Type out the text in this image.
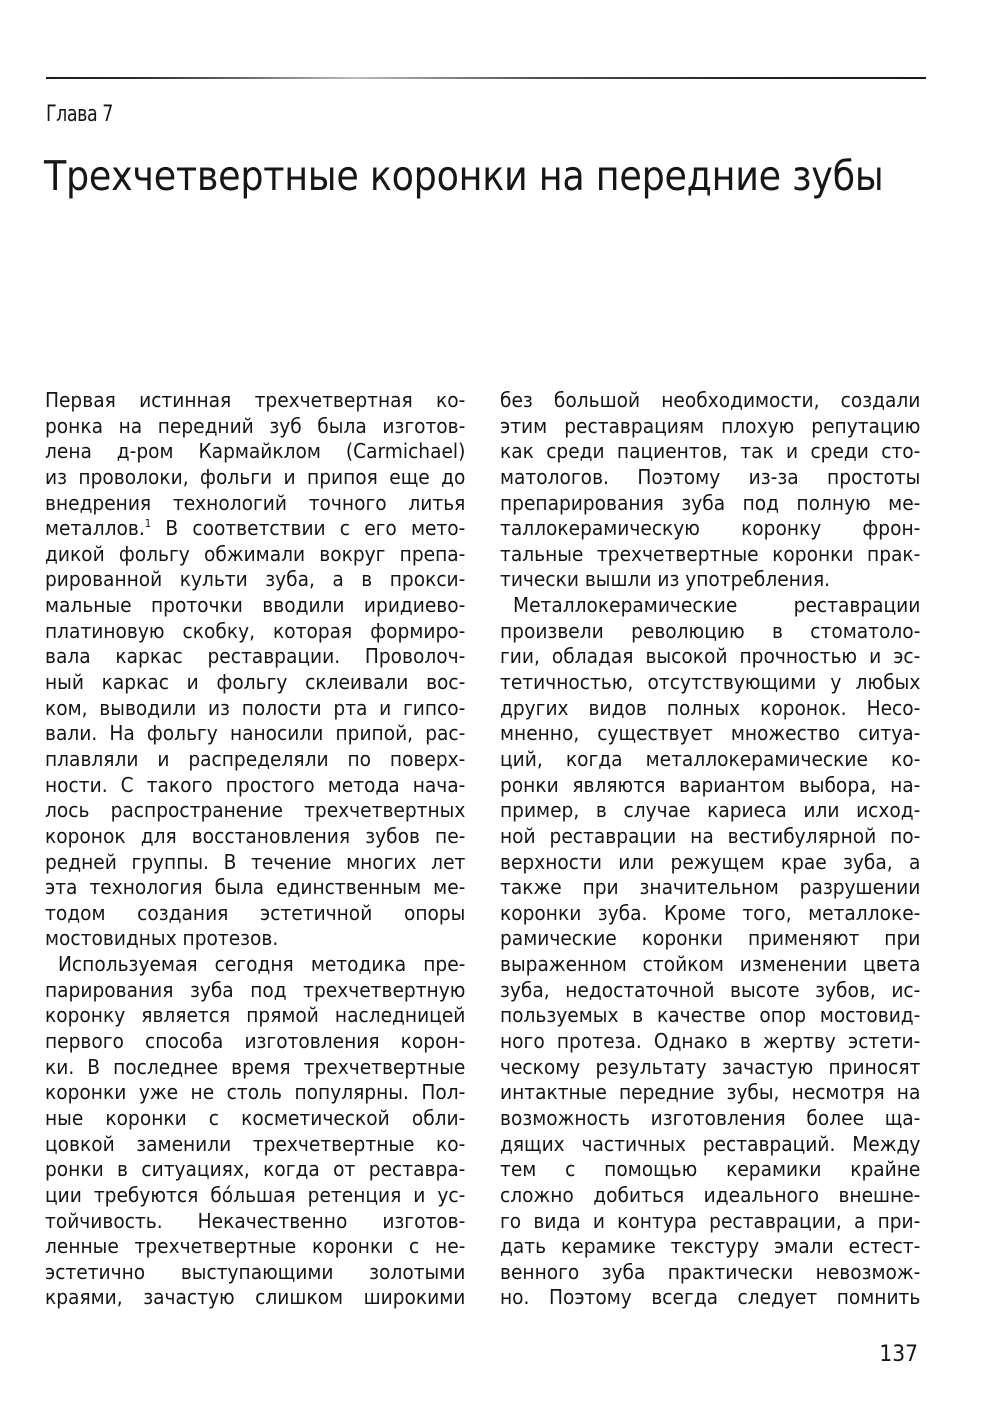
Глава 7
Трехчетвертные коронки на передние зубы
Первая истинная трехчетвертная ко-
ронка на передний зуб была изготов-
лена д-ром Кармайклом (Carmichael)
из проволоки, фольги и припоя еще до
внедрения технологий точного литья
металлов.$^1$ В соответствии с его мето-
дикой фольгу обжимали вокруг препа-
рированной культи зуба, а в прокси-
мальные проточки вводили иридиево-
платиновую скобку, которая формиро-
вала каркас реставрации. Проволоч-
ный каркас и фольгу склеивали вос-
ком, выводили из полости рта и гипсо-
вали. На фольгу наносили припой, рас-
плавляли и распределяли по поверх-
ности. С такого простого метода нача-
лось распространение трехчетвертных
коронок для восстановления зубов пе-
редней группы. В течение многих лет
эта технология была единственным ме-
тодом создания эстетичной опоры
мостовидных протезов.
Используемая сегодня методика пре-
парирования зуба под трехчетвертную
коронку является прямой наследницей
первого способа изготовления корон-
ки. В последнее время трехчетвертные
коронки уже не столь популярны. Пол-
ные коронки с косметической обли-
цовкой заменили трехчетвертные ко-
ронки в ситуациях, когда от реставра-
ции требуются бóльшая ретенция и ус-
тойчивость. Некачественно изготов-
ленные трехчетвертные коронки с не-
эстетично выступающими золотыми
краями, зачастую слишком широкими
без большой необходимости, создали
этим реставрациям плохую репутацию
как среди пациентов, так и среди сто-
матологов. Поэтому из-за простоты
препарирования зуба под полную ме-
таллокерамическую коронку фрон-
тальные трехчетвертные коронки прак-
тически вышли из употребления.
Металлокерамические реставрации
произвели революцию в стоматоло-
гии, обладая высокой прочностью и эс-
тетичностью, отсутствующими у любых
других видов полных коронок. Несо-
мненно, существует множество ситуа-
ций, когда металлокерамические ко-
ронки являются вариантом выбора, на-
пример, в случае кариеса или исход-
ной реставрации на вестибулярной по-
верхности или режущем крае зуба, а
также при значительном разрушении
коронки зуба. Кроме того, металлоке-
рамические коронки применяют при
выраженном стойком изменении цвета
зуба, недостаточной высоте зубов, ис-
пользуемых в качестве опор мостовид-
ного протеза. Однако в жертву эстети-
ческому результату зачастую приносят
интактные передние зубы, несмотря на
возможность изготовления более ща-
дящих частичных реставраций. Между
тем с помощью керамики крайне
сложно добиться идеального внешне-
го вида и контура реставрации, а при-
дать керамике текстуру эмали естест-
венного зуба практически невозмож-
но. Поэтому всегда следует помнить
137
